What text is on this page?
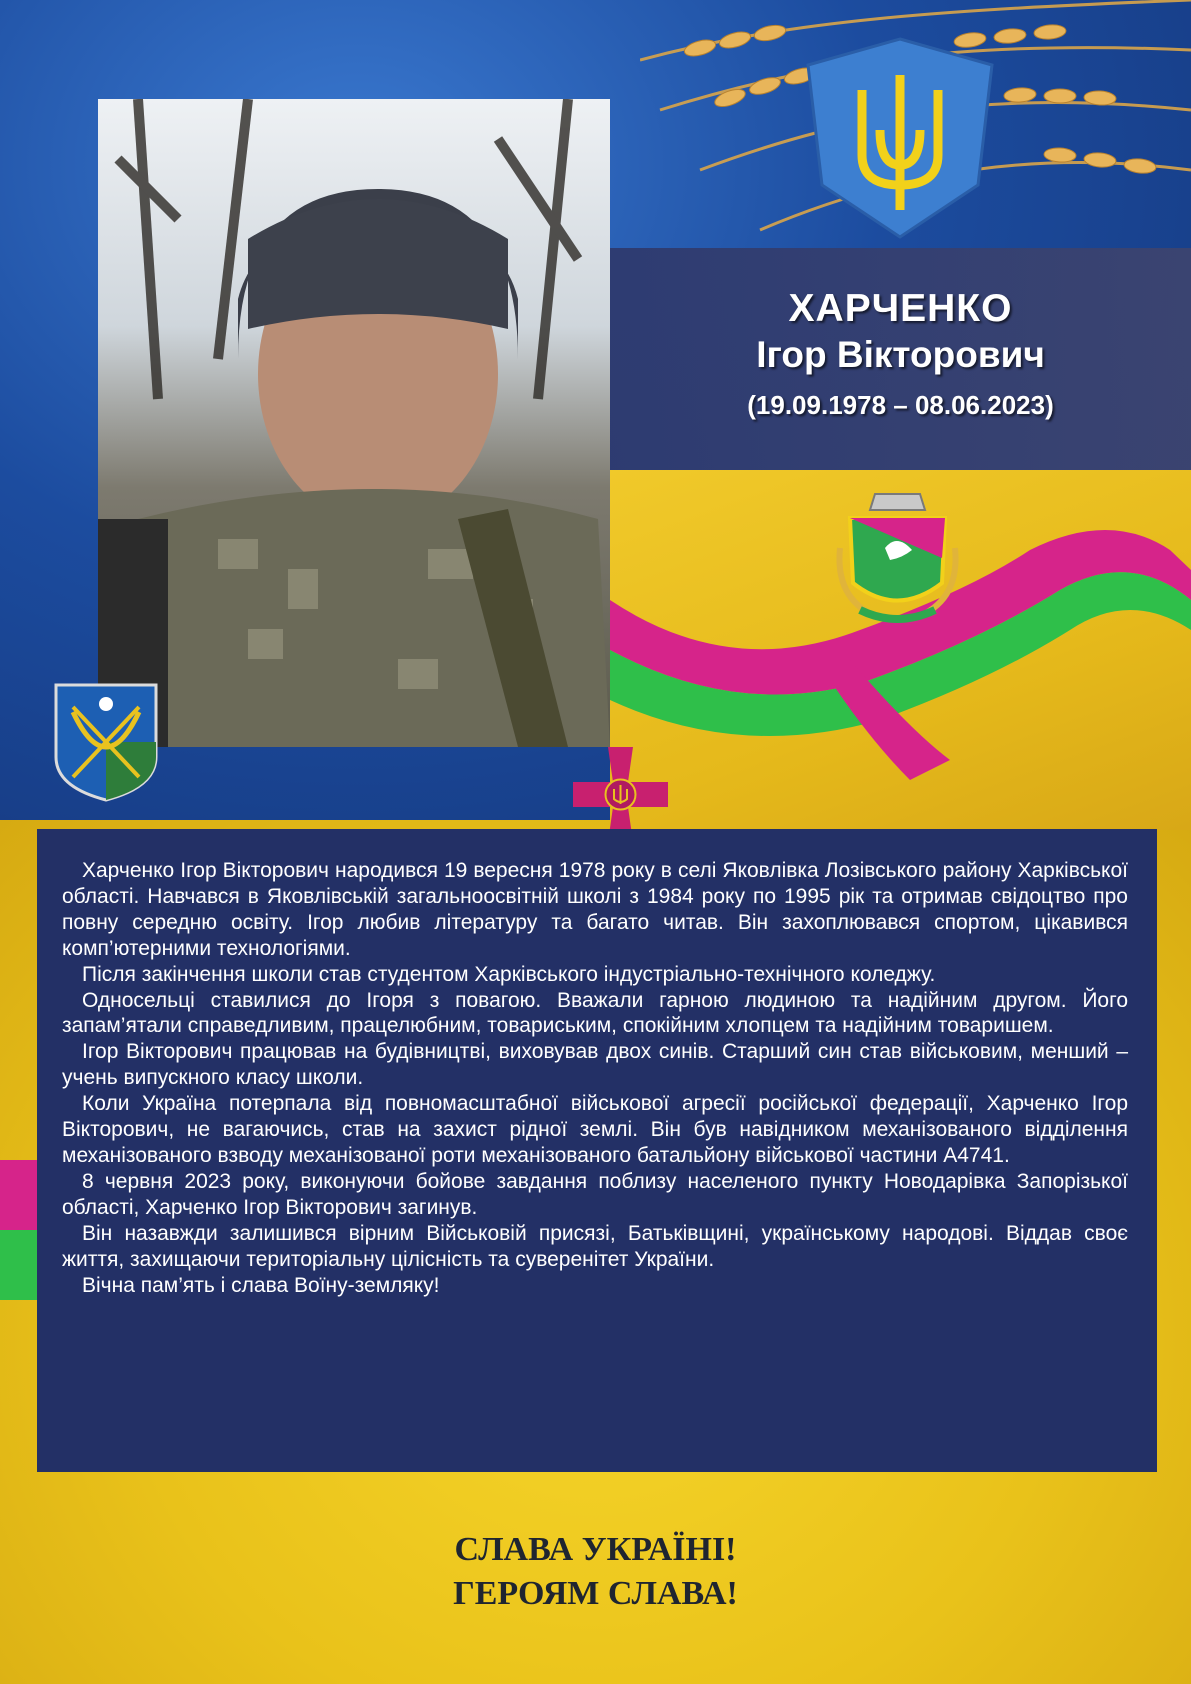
ХАРЧЕНКО

Ігор Вікторович

(19.09.1978 – 08.06.2023)

Харченко Ігор Вікторович народився 19 вересня 1978 року в селі Яковлівка Лозівського району Харківської області. Навчався в Яковлівській загальноосвітній школі з 1984 року по 1995 рік та отримав свідоцтво про повну середню освіту. Ігор любив літературу та багато читав. Він захоплювався спортом, цікавився комп’ютерними технологіями.

Після закінчення школи став студентом Харківського індустріально-технічного коледжу.

Односельці ставилися до Ігоря з повагою. Вважали гарною людиною та надійним другом. Його запам’ятали справедливим, працелюбним, товариським, спокійним хлопцем та надійним товаришем.

Ігор Вікторович працював на будівництві, виховував двох синів. Старший син став військовим, менший – учень випускного класу школи.

Коли Україна потерпала від повномасштабної військової агресії російської федерації, Харченко Ігор Вікторович, не вагаючись, став на захист рідної землі. Він був навідником механізованого відділення механізованого взводу механізованої роти механізованого батальйону військової частини А4741.

8 червня 2023 року, виконуючи бойове завдання поблизу населеного пункту Новодарівка Запорізької області, Харченко Ігор Вікторович загинув.

Він назавжди залишився вірним Військовій присязі, Батьківщині, українському народові. Віддав своє життя, захищаючи територіальну цілісність та суверенітет України.

Вічна пам’ять і слава Воїну-земляку!

СЛАВА УКРАЇНІ!
ГЕРОЯМ СЛАВА!
